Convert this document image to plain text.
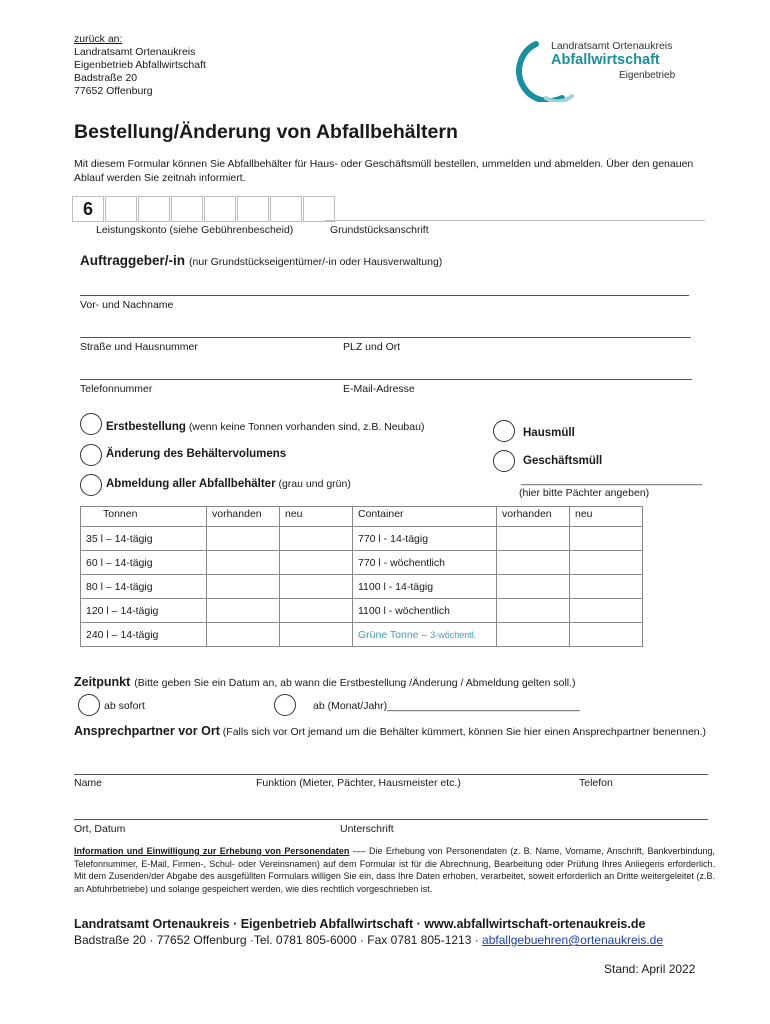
zurück an:
Landratsamt Ortenaukreis
Eigenbetrieb Abfallwirtschaft
Badstraße 20
77652 Offenburg
Landratsamt Ortenaukreis
Abfallwirtschaft
Eigenbetrieb
Bestellung/Änderung von Abfallbehältern
Mit diesem Formular können Sie Abfallbehälter für Haus- oder Geschäftsmüll bestellen, ummelden und abmelden. Über den genauen Ablauf werden Sie zeitnah informiert.
6
Leistungskonto (siehe Gebührenbescheid)	Grundstücksanschrift
Auftraggeber/-in (nur Grundstückseigentümer/-in oder Hausverwaltung)
Vor- und Nachname
Straße und Hausnummer	PLZ und Ort
Telefonnummer	E-Mail-Adresse
Erstbestellung (wenn keine Tonnen vorhanden sind, z.B. Neubau)
Änderung des Behältervolumens
Abmeldung aller Abfallbehälter (grau und grün)
Hausmüll
Geschäftsmüll
_______________________________
(hier bitte Pächter angeben)
Tonnen	vorhanden	neu	Container	vorhanden	neu
35 l – 14-tägig			770 l - 14-tägig		
60 l – 14-tägig			770 l - wöchentlich		
80 l – 14-tägig			1100 l - 14-tägig		
120 l – 14-tägig			1100 l - wöchentlich		
240 l – 14-tägig			Grüne Tonne – 3-wöchentl.		
Zeitpunkt (Bitte geben Sie ein Datum an, ab wann die Erstbestellung /Änderung / Abmeldung gelten soll.)
ab sofort	ab (Monat/Jahr)_________________________________
Ansprechpartner vor Ort (Falls sich vor Ort jemand um die Behälter kümmert, können Sie hier einen Ansprechpartner benennen.)
Name	Funktion (Mieter, Pächter, Hausmeister etc.)	Telefon
Ort, Datum	Unterschrift
Information und Einwilligung zur Erhebung von Personendaten -–– Die Erhebung von Personendaten (z. B. Name, Vorname, Anschrift, Bankverbindung, Telefonnummer, E-Mail, Firmen-, Schul- oder Vereinsnamen) auf dem Formular ist für die Abrechnung, Bearbeitung oder Prüfung Ihres Anliegens erforderlich. Mit dem Zusenden/der Abgabe des ausgefüllten Formulars willigen Sie ein, dass Ihre Daten erhoben, verarbeitet, soweit erforderlich an Dritte weitergeleitet (z.B. an Abfuhrbetriebe) und solange gespeichert werden, wie dies rechtlich vorgeschrieben ist.
Landratsamt Ortenaukreis · Eigenbetrieb Abfallwirtschaft · www.abfallwirtschaft-ortenaukreis.de
Badstraße 20 · 77652 Offenburg ·Tel. 0781 805-6000 · Fax 0781 805-1213 · abfallgebuehren@ortenaukreis.de
Stand: April 2022
